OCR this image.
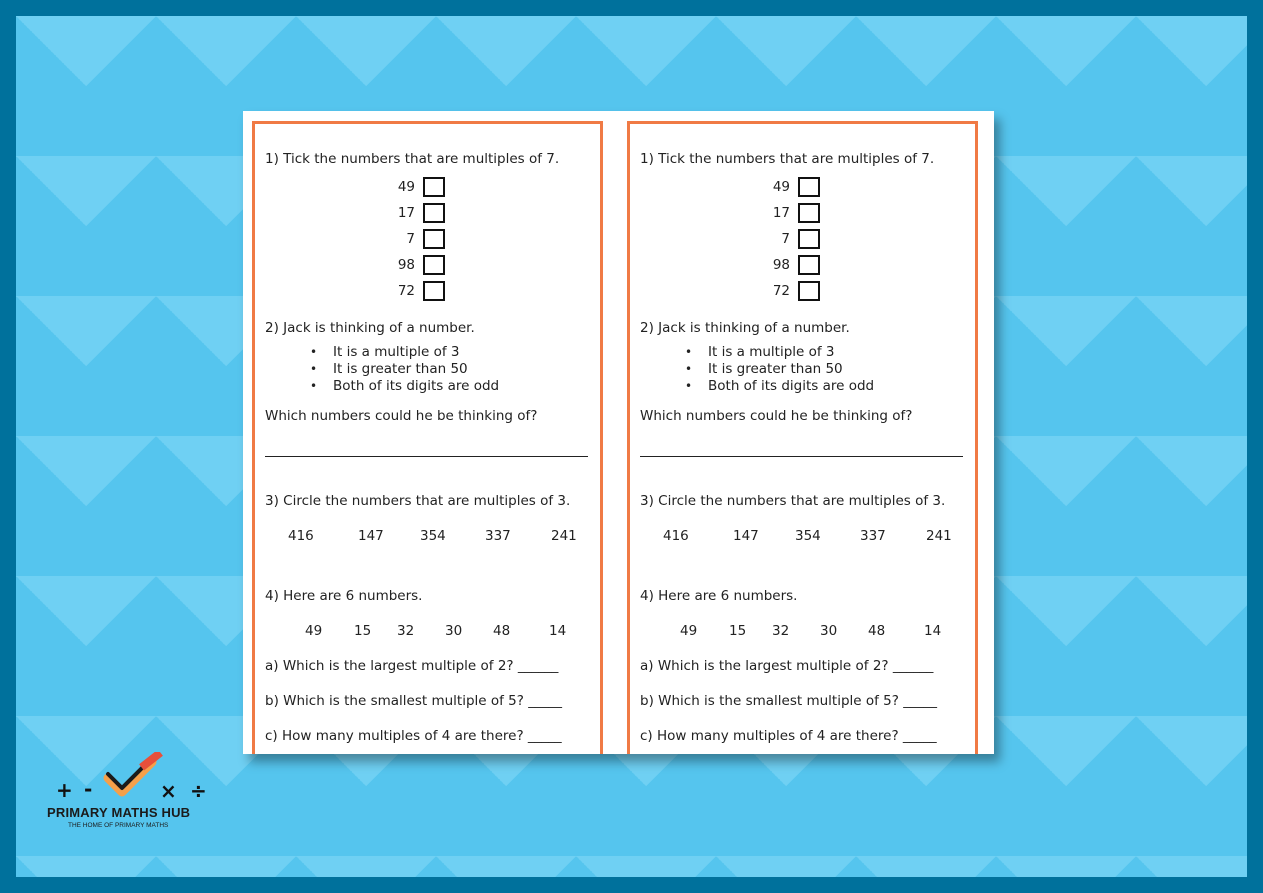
1) Tick the numbers that are multiples of 7.
49
17
7
98
72
2) Jack is thinking of a number.
• It is a multiple of 3
• It is greater than 50
• Both of its digits are odd
Which numbers could he be thinking of?
3) Circle the numbers that are multiples of 3.
416	147	354	337	241
4) Here are 6 numbers.
49 15 32 30 48	14
a) Which is the largest multiple of 2? ______
b) Which is the smallest multiple of 5? _____
c) How many multiples of 4 are there? _____
1) Tick the numbers that are multiples of 7.
49
17
7
98
72
2) Jack is thinking of a number.
• It is a multiple of 3
• It is greater than 50
• Both of its digits are odd
Which numbers could he be thinking of?
3) Circle the numbers that are multiples of 3.
416	147	354	337	241
4) Here are 6 numbers.
49 15 32 30 48	14
a) Which is the largest multiple of 2? ______
b) Which is the smallest multiple of 5? _____
c) How many multiples of 4 are there? _____
+ -	× ÷
PRIMARY MATHS HUB
THE HOME OF PRIMARY MATHS
